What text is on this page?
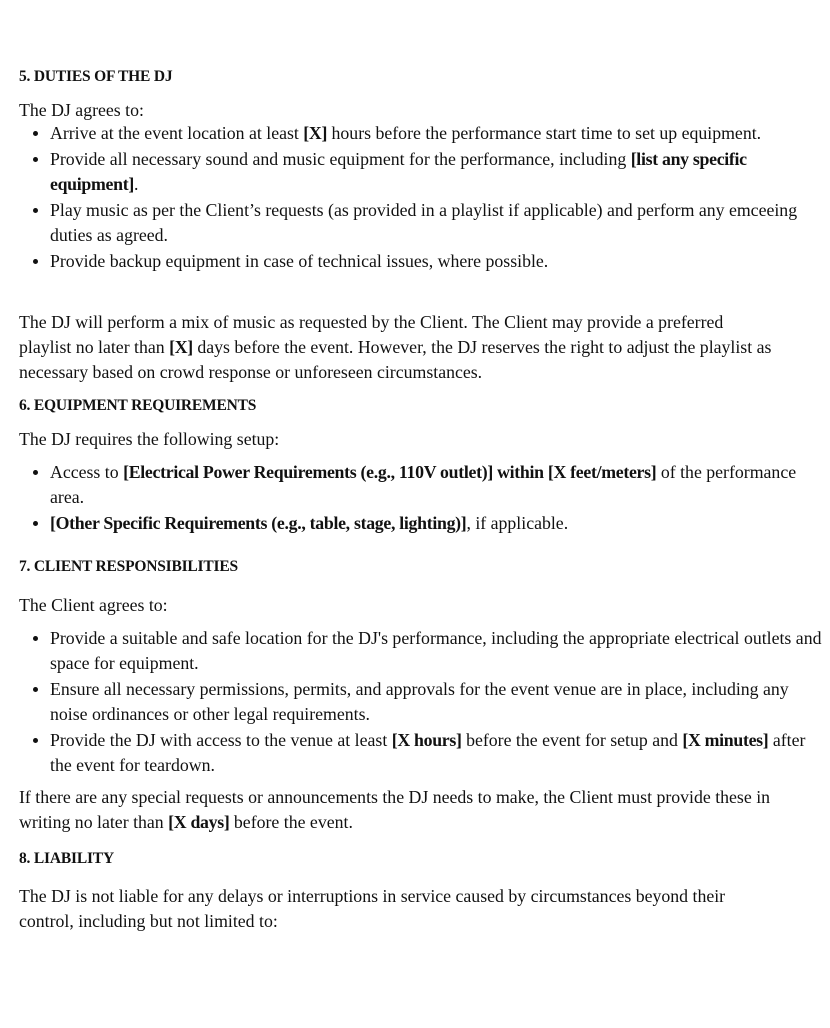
5. DUTIES OF THE DJ
The DJ agrees to:
Arrive at the event location at least [X] hours before the performance start time to set up equipment.
Provide all necessary sound and music equipment for the performance, including [list any specific equipment].
Play music as per the Client’s requests (as provided in a playlist if applicable) and perform any emceeing duties as agreed.
Provide backup equipment in case of technical issues, where possible.
The DJ will perform a mix of music as requested by the Client. The Client may provide a preferred playlist no later than [X] days before the event. However, the DJ reserves the right to adjust the playlist as necessary based on crowd response or unforeseen circumstances.
6. EQUIPMENT REQUIREMENTS
The DJ requires the following setup:
Access to [Electrical Power Requirements (e.g., 110V outlet)] within [X feet/meters] of the performance area.
[Other Specific Requirements (e.g., table, stage, lighting)], if applicable.
7. CLIENT RESPONSIBILITIES
The Client agrees to:
Provide a suitable and safe location for the DJ's performance, including the appropriate electrical outlets and space for equipment.
Ensure all necessary permissions, permits, and approvals for the event venue are in place, including any noise ordinances or other legal requirements.
Provide the DJ with access to the venue at least [X hours] before the event for setup and [X minutes] after the event for teardown.
If there are any special requests or announcements the DJ needs to make, the Client must provide these in writing no later than [X days] before the event.
8. LIABILITY
The DJ is not liable for any delays or interruptions in service caused by circumstances beyond their control, including but not limited to:
